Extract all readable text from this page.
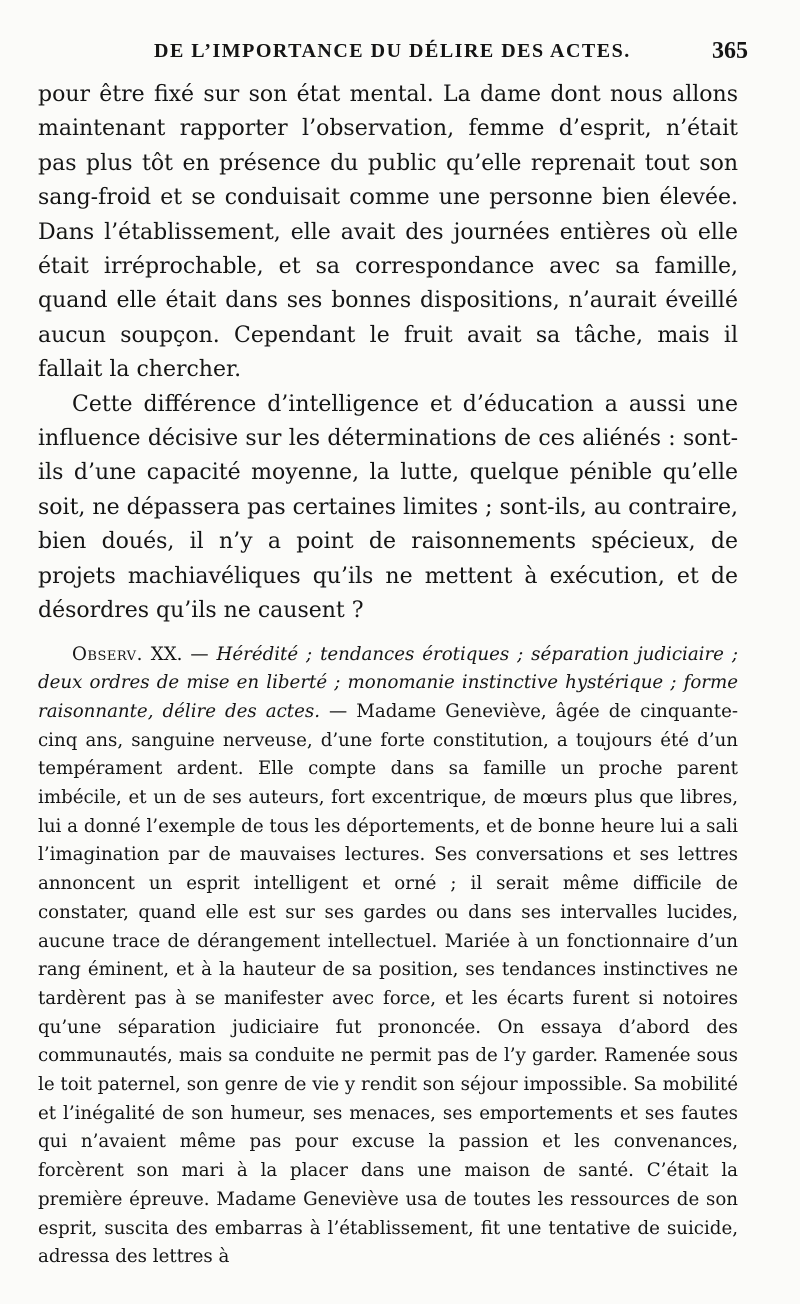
DE L’IMPORTANCE DU DÉLIRE DES ACTES.	365

pour être fixé sur son état mental. La dame dont nous allons maintenant rapporter l’observation, femme d’esprit, n’était pas plus tôt en présence du public qu’elle reprenait tout son sang-froid et se conduisait comme une personne bien élevée. Dans l’établissement, elle avait des journées entières où elle était irréprochable, et sa correspondance avec sa famille, quand elle était dans ses bonnes dispositions, n’aurait éveillé aucun soupçon. Cependant le fruit avait sa tâche, mais il fallait la chercher.

Cette différence d’intelligence et d’éducation a aussi une influence décisive sur les déterminations de ces aliénés : sont-ils d’une capacité moyenne, la lutte, quelque pénible qu’elle soit, ne dépassera pas certaines limites ; sont-ils, au contraire, bien doués, il n’y a point de raisonnements spécieux, de projets machiavéliques qu’ils ne mettent à exécution, et de désordres qu’ils ne causent ?

Observ. XX. — Hérédité ; tendances érotiques ; séparation judiciaire ; deux ordres de mise en liberté ; monomanie instinctive hystérique ; forme raisonnante, délire des actes. — Madame Geneviève, âgée de cinquante-cinq ans, sanguine nerveuse, d’une forte constitution, a toujours été d’un tempérament ardent. Elle compte dans sa famille un proche parent imbécile, et un de ses auteurs, fort excentrique, de mœurs plus que libres, lui a donné l’exemple de tous les déportements, et de bonne heure lui a sali l’imagination par de mauvaises lectures. Ses conversations et ses lettres annoncent un esprit intelligent et orné ; il serait même difficile de constater, quand elle est sur ses gardes ou dans ses intervalles lucides, aucune trace de dérangement intellectuel. Mariée à un fonctionnaire d’un rang éminent, et à la hauteur de sa position, ses tendances instinctives ne tardèrent pas à se manifester avec force, et les écarts furent si notoires qu’une séparation judiciaire fut prononcée. On essaya d’abord des communautés, mais sa conduite ne permit pas de l’y garder. Ramenée sous le toit paternel, son genre de vie y rendit son séjour impossible. Sa mobilité et l’inégalité de son humeur, ses menaces, ses emportements et ses fautes qui n’avaient même pas pour excuse la passion et les convenances, forcèrent son mari à la placer dans une maison de santé. C’était la première épreuve. Madame Geneviève usa de toutes les ressources de son esprit, suscita des embarras à l’établissement, fit une tentative de suicide, adressa des lettres à
